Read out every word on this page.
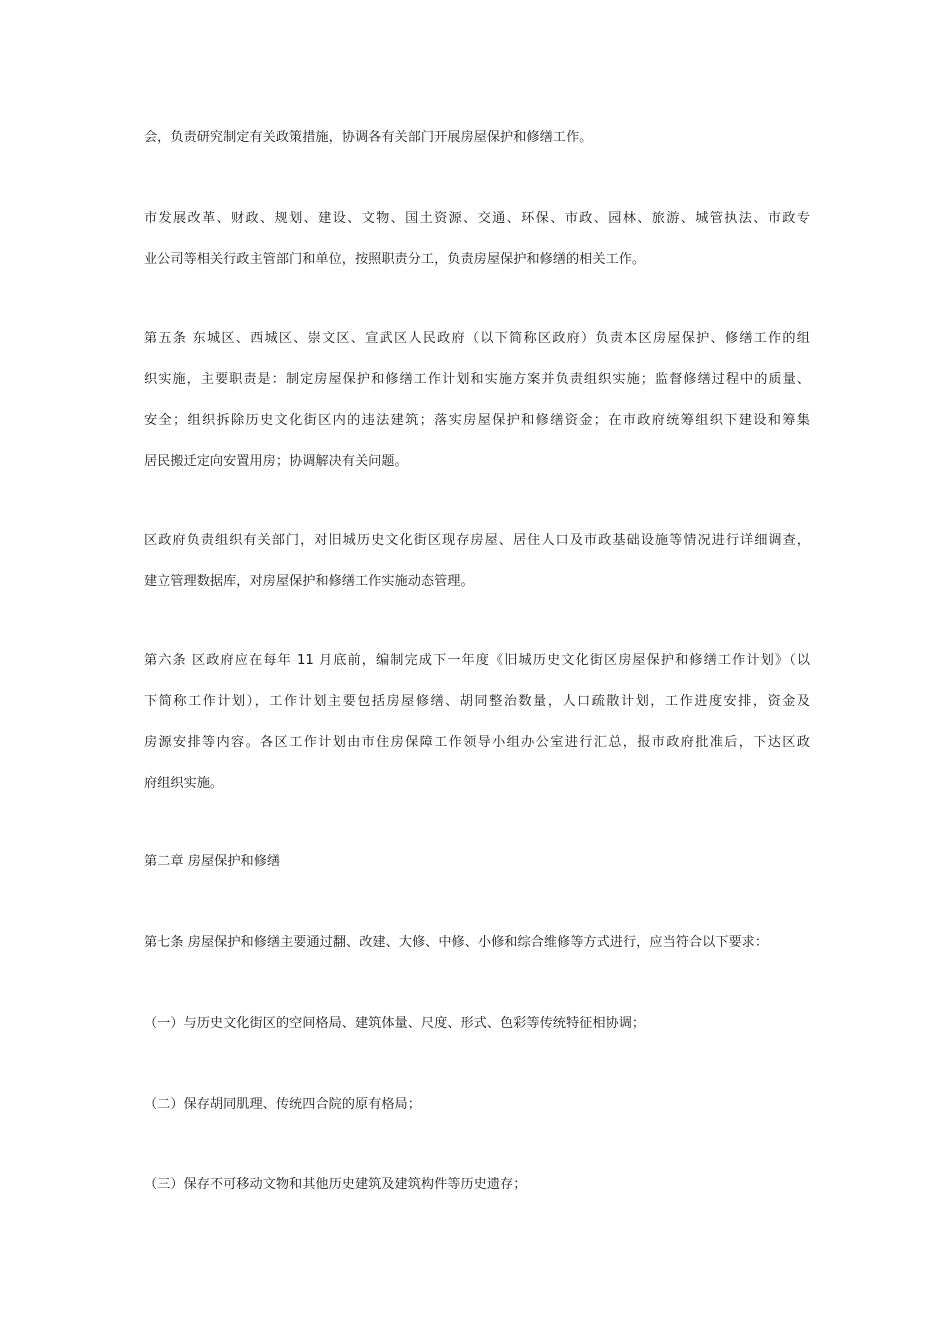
会，负责研究制定有关政策措施，协调各有关部门开展房屋保护和修缮工作。
市发展改革、财政、规划、建设、文物、国土资源、交通、环保、市政、园林、旅游、城管执法、市政专
业公司等相关行政主管部门和单位，按照职责分工，负责房屋保护和修缮的相关工作。
第五条 东城区、西城区、崇文区、宣武区人民政府（以下简称区政府）负责本区房屋保护、修缮工作的组
织实施，主要职责是：制定房屋保护和修缮工作计划和实施方案并负责组织实施；监督修缮过程中的质量、
安全；组织拆除历史文化街区内的违法建筑；落实房屋保护和修缮资金；在市政府统筹组织下建设和筹集
居民搬迁定向安置用房；协调解决有关问题。
区政府负责组织有关部门，对旧城历史文化街区现存房屋、居住人口及市政基础设施等情况进行详细调查，
建立管理数据库，对房屋保护和修缮工作实施动态管理。
第六条 区政府应在每年 11 月底前，编制完成下一年度《旧城历史文化街区房屋保护和修缮工作计划》（以
下简称工作计划），工作计划主要包括房屋修缮、胡同整治数量，人口疏散计划，工作进度安排，资金及
房源安排等内容。各区工作计划由市住房保障工作领导小组办公室进行汇总，报市政府批准后，下达区政
府组织实施。
第二章 房屋保护和修缮
第七条 房屋保护和修缮主要通过翻、改建、大修、中修、小修和综合维修等方式进行，应当符合以下要求：
（一）与历史文化街区的空间格局、建筑体量、尺度、形式、色彩等传统特征相协调；
（二）保存胡同肌理、传统四合院的原有格局；
（三）保存不可移动文物和其他历史建筑及建筑构件等历史遗存；
